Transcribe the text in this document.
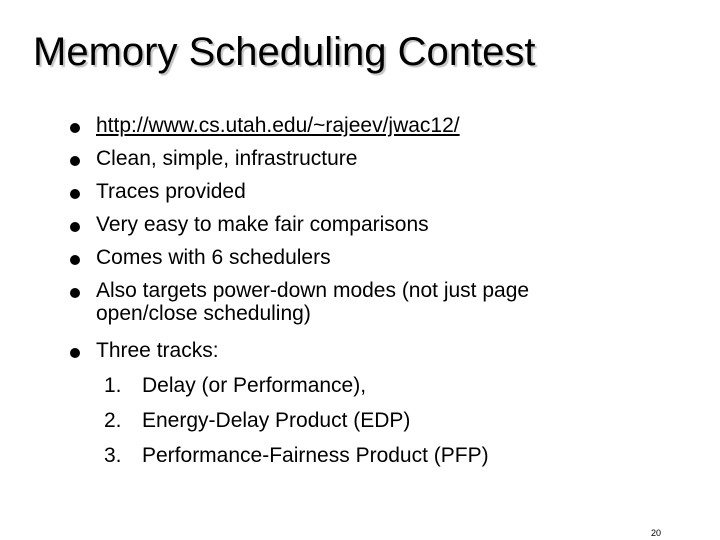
Memory Scheduling Contest
http://www.cs.utah.edu/~rajeev/jwac12/
Clean, simple, infrastructure
Traces provided
Very easy to make fair comparisons
Comes with 6 schedulers
Also targets power-down modes (not just page open/close scheduling)
Three tracks:
1. Delay (or Performance),
2. Energy-Delay Product (EDP)
3. Performance-Fairness Product (PFP)
20
